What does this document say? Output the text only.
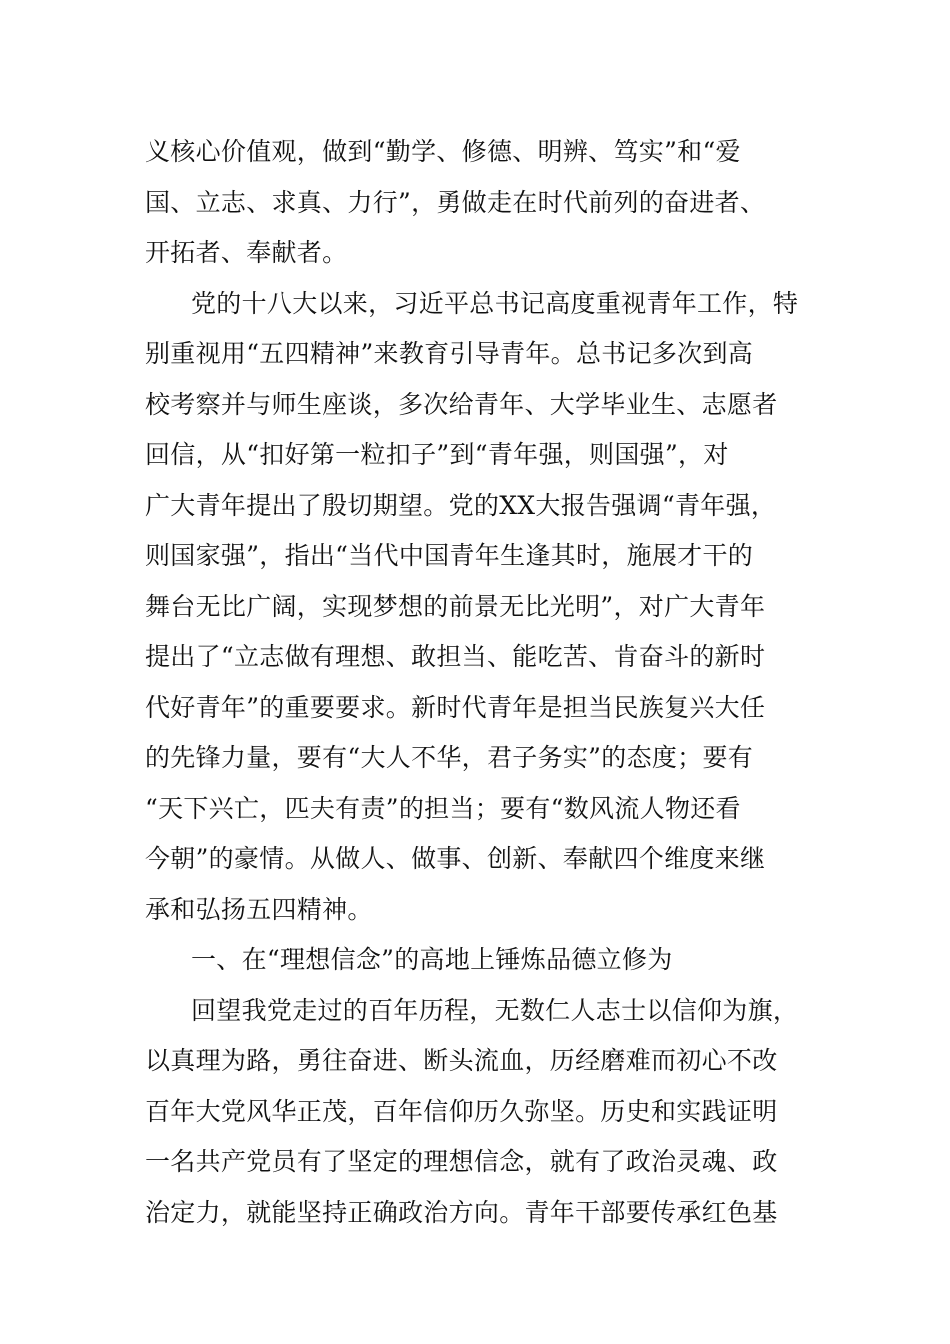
义核心价值观，做到“勤学、修德、明辨、笃实”和“爱
国、立志、求真、力行”，勇做走在时代前列的奋进者、
开拓者、奉献者。
党的十八大以来，习近平总书记高度重视青年工作，特
别重视用“五四精神”来教育引导青年。总书记多次到高
校考察并与师生座谈，多次给青年、大学毕业生、志愿者
回信，从“扣好第一粒扣子”到“青年强，则国强”，对
广大青年提出了殷切期望。党的XX大报告强调“青年强，
则国家强”，指出“当代中国青年生逢其时，施展才干的
舞台无比广阔，实现梦想的前景无比光明”，对广大青年
提出了“立志做有理想、敢担当、能吃苦、肯奋斗的新时
代好青年”的重要要求。新时代青年是担当民族复兴大任
的先锋力量，要有“大人不华，君子务实”的态度；要有
“天下兴亡，匹夫有责”的担当；要有“数风流人物还看
今朝”的豪情。从做人、做事、创新、奉献四个维度来继
承和弘扬五四精神。
一、在“理想信念”的高地上锤炼品德立修为
回望我党走过的百年历程，无数仁人志士以信仰为旗，
以真理为路，勇往奋进、断头流血，历经磨难而初心不改
百年大党风华正茂，百年信仰历久弥坚。历史和实践证明
一名共产党员有了坚定的理想信念，就有了政治灵魂、政
治定力，就能坚持正确政治方向。青年干部要传承红色基
